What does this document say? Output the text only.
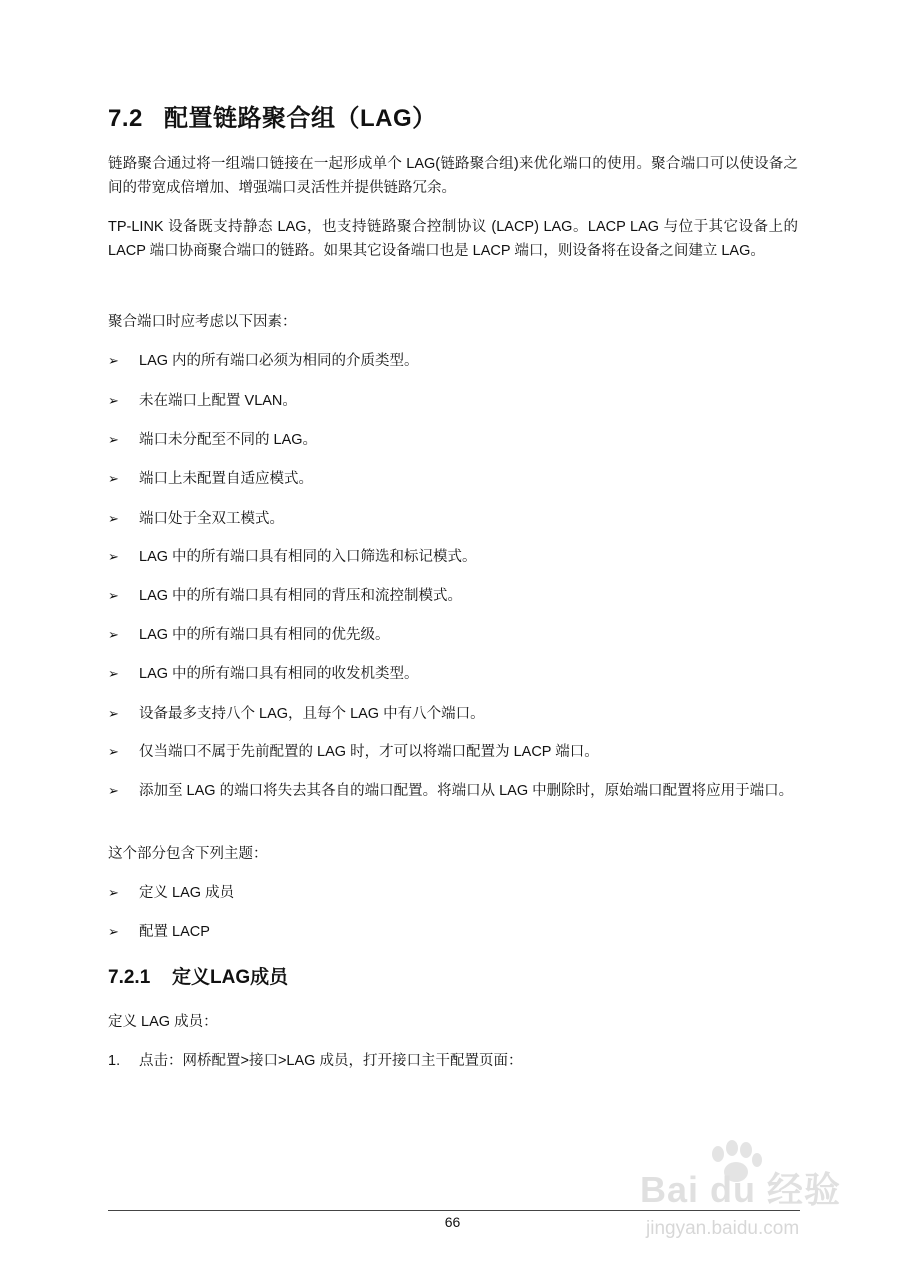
7.2 配置链路聚合组（LAG）
链路聚合通过将一组端口链接在一起形成单个 LAG(链路聚合组)来优化端口的使用。聚合端口可以使设备之间的带宽成倍增加、增强端口灵活性并提供链路冗余。
TP-LINK 设备既支持静态 LAG，也支持链路聚合控制协议 (LACP) LAG。LACP LAG 与位于其它设备上的 LACP 端口协商聚合端口的链路。如果其它设备端口也是 LACP 端口，则设备将在设备之间建立 LAG。
聚合端口时应考虑以下因素：
➢	LAG 内的所有端口必须为相同的介质类型。
➢	未在端口上配置 VLAN。
➢	端口未分配至不同的 LAG。
➢	端口上未配置自适应模式。
➢	端口处于全双工模式。
➢	LAG 中的所有端口具有相同的入口筛选和标记模式。
➢	LAG 中的所有端口具有相同的背压和流控制模式。
➢	LAG 中的所有端口具有相同的优先级。
➢	LAG 中的所有端口具有相同的收发机类型。
➢	设备最多支持八个 LAG，且每个 LAG 中有八个端口。
➢	仅当端口不属于先前配置的 LAG 时，才可以将端口配置为 LACP 端口。
➢	添加至 LAG 的端口将失去其各自的端口配置。将端口从 LAG 中删除时，原始端口配置将应用于端口。
这个部分包含下列主题：
➢	定义 LAG 成员
➢	配置 LACP
7.2.1 定义LAG成员
定义 LAG 成员：
1. 点击：网桥配置>接口>LAG 成员，打开接口主干配置页面：
Bai du 经验
jingyan.baidu.com
66
